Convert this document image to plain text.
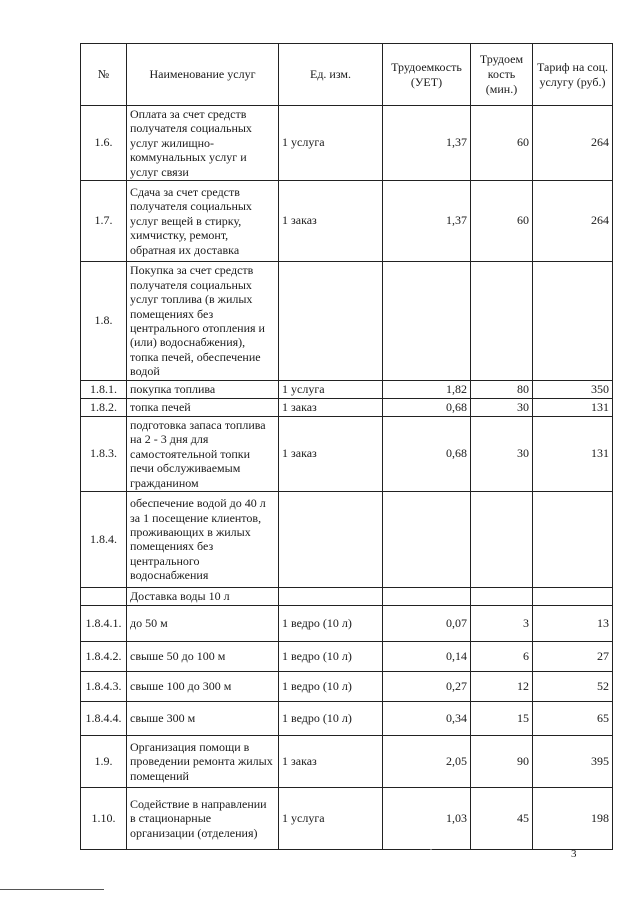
№	Наименование услуг	Ед. изм.	Трудоемкость (УЕТ)	Трудоем кость (мин.)	Тариф на соц. услугу (руб.)
1.6.	Оплата за счет средств получателя социальных услуг жилищно-коммунальных услуг и услуг связи	1 услуга	1,37	60	264
1.7.	Сдача за счет средств получателя социальных услуг вещей в стирку, химчистку, ремонт, обратная их доставка	1 заказ	1,37	60	264
1.8.	Покупка за счет средств получателя социальных услуг топлива (в жилых помещениях без центрального отопления и (или) водоснабжения), топка печей, обеспечение водой				
1.8.1.	покупка топлива	1 услуга	1,82	80	350
1.8.2.	топка печей	1 заказ	0,68	30	131
1.8.3.	подготовка запаса топлива на 2 - 3 дня для самостоятельной топки печи обслуживаемым гражданином	1 заказ	0,68	30	131
1.8.4.	обеспечение водой до 40 л за 1 посещение клиентов, проживающих в жилых помещениях без центрального водоснабжения				
	Доставка воды 10 л				
1.8.4.1.	до 50 м	1 ведро (10 л)	0,07	3	13
1.8.4.2.	свыше 50 до 100 м	1 ведро (10 л)	0,14	6	27
1.8.4.3.	свыше 100 до 300 м	1 ведро (10 л)	0,27	12	52
1.8.4.4.	свыше 300 м	1 ведро (10 л)	0,34	15	65
1.9.	Организация помощи в проведении ремонта жилых помещений	1 заказ	2,05	90	395
1.10.	Содействие в направлении в стационарные организации (отделения)	1 услуга	1,03	45	198
3
